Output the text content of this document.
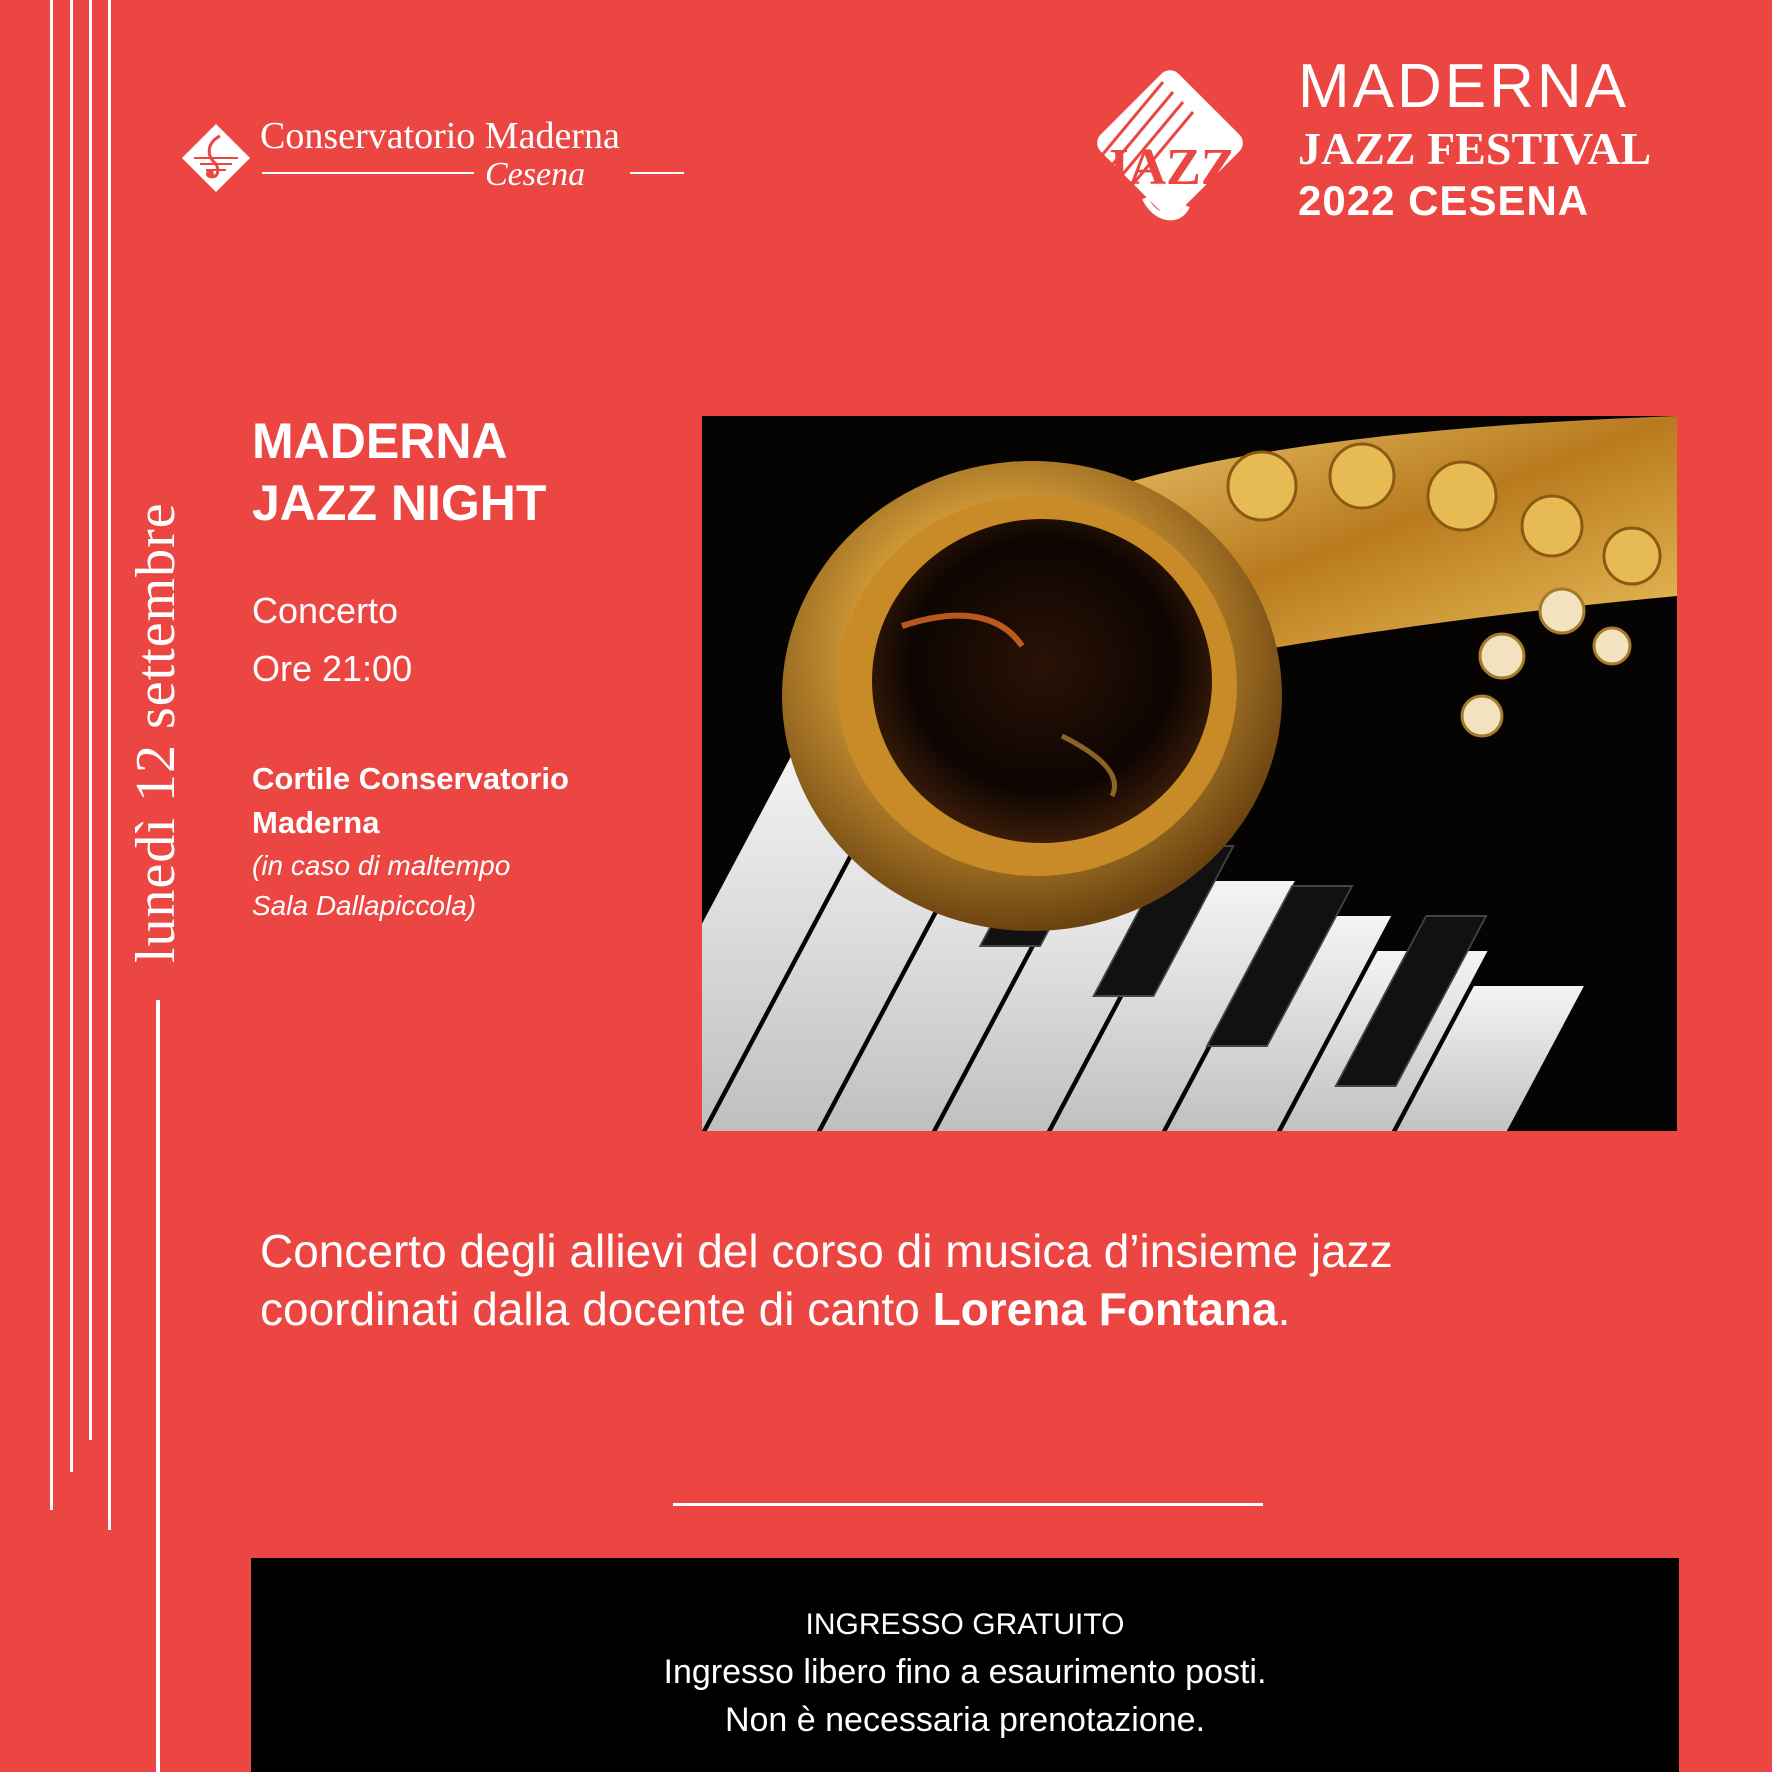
lunedì 12 settembre
Conservatorio Maderna
Cesena	JAZZ
MADERNA
JAZZ FESTIVAL
2022 CESENA
MADERNA
JAZZ NIGHT
Concerto
Ore 21:00
Cortile Conservatorio
Maderna
(in caso di maltempo
Sala Dallapiccola)
Concerto degli allievi del corso di musica d’insieme jazz
coordinati dalla docente di canto Lorena Fontana.
INGRESSO GRATUITO
Ingresso libero fino a esaurimento posti.
Non è necessaria prenotazione.
